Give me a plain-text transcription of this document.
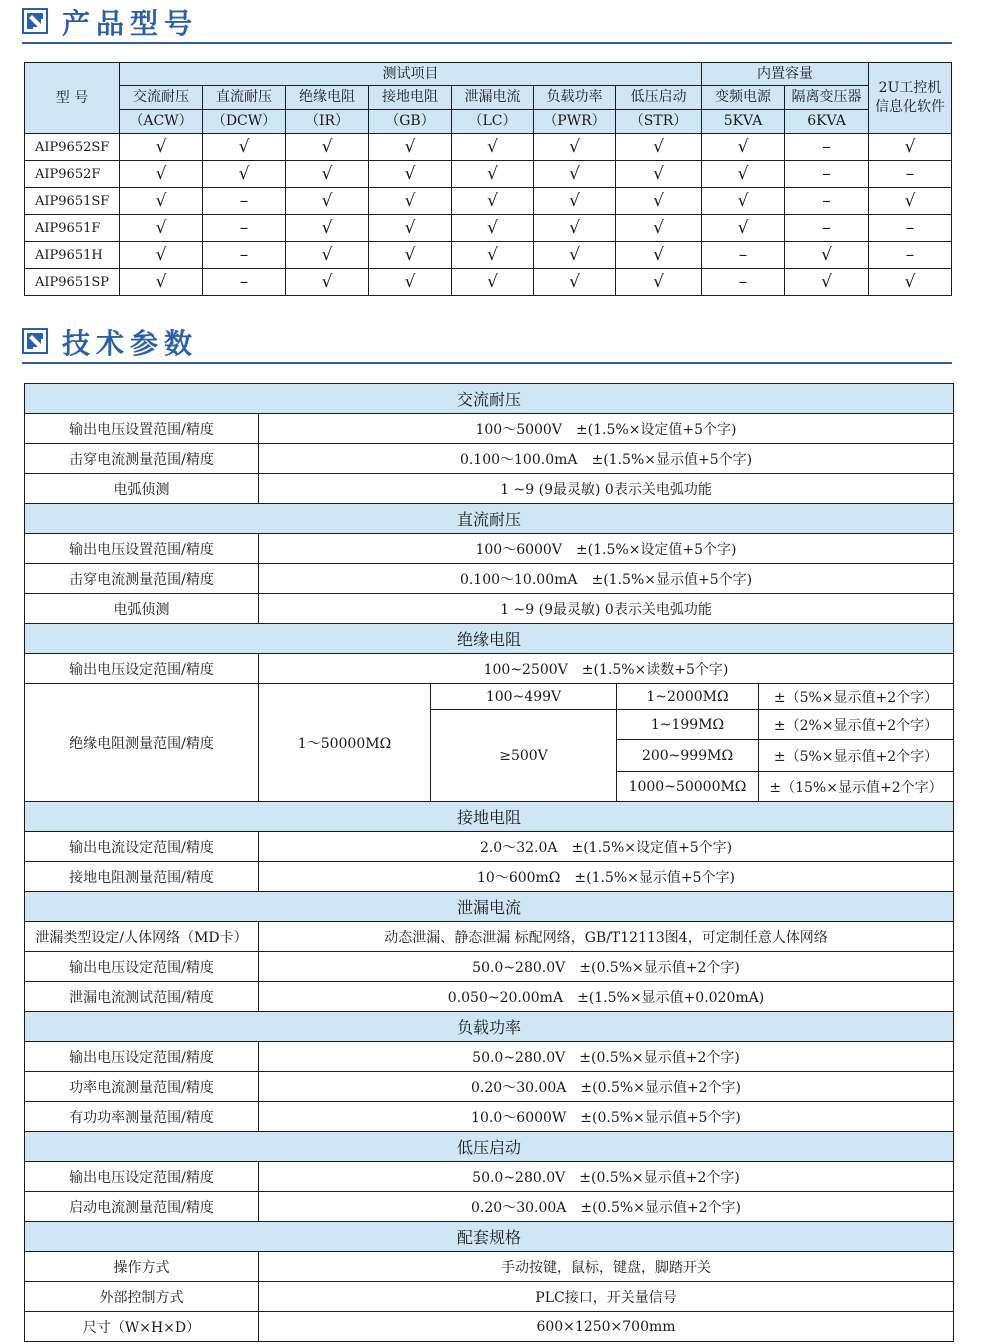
产品型号
型 号	测试项目							内置容量		2U工控机
信息化软件

	交流耐压	直流耐压	绝缘电阻	接地电阻	泄漏电流	负载功率	低压启动	变频电源	隔离变压器	
	（ACW）	（DCW）	（IR）	（GB）	（LC）	（PWR）	（STR）	5KVA	6KVA	
AIP9652SF	√	√	√	√	√	√	√	√	–	√
AIP9652F	√	√	√	√	√	√	√	√	–	–
AIP9651SF	√	–	√	√	√	√	√	√	–	√
AIP9651F	√	–	√	√	√	√	√	√	–	–
AIP9651H	√	–	√	√	√	√	√	–	√	–
AIP9651SP	√	–	√	√	√	√	√	–	√	√
技术参数
交流耐压				
输出电压设置范围/精度	100～5000V　±(1.5%×设定值+5个字)			
击穿电流测量范围/精度	0.100～100.0mA　±(1.5%×显示值+5个字)			
电弧侦测	1 ~9 (9最灵敏) 0表示关电弧功能			
直流耐压				
输出电压设置范围/精度	100～6000V　±(1.5%×设定值+5个字)			
击穿电流测量范围/精度	0.100～10.00mA　±(1.5%×显示值+5个字)			
电弧侦测	1 ~9 (9最灵敏) 0表示关电弧功能			
绝缘电阻				
输出电压设定范围/精度	100~2500V　±(1.5%×读数+5个字)			
绝缘电阻测量范围/精度	1～50000MΩ	100~499V	1~2000MΩ	±（5%×显示值+2个字）
		≥500V	1~199MΩ	±（2%×显示值+2个字）
			200~999MΩ	±（5%×显示值+2个字）
			1000~50000MΩ	±（15%×显示值+2个字）
接地电阻				
输出电流设定范围/精度	2.0～32.0A　±(1.5%×设定值+5个字)			
接地电阻测量范围/精度	10～600mΩ　±(1.5%×显示值+5个字)			
泄漏电流				
泄漏类型设定/人体网络（MD卡）	动态泄漏、静态泄漏 标配网络，GB/T12113图4，可定制任意人体网络			
输出电压设定范围/精度	50.0~280.0V　±(0.5%×显示值+2个字)			
泄漏电流测试范围/精度	0.050~20.00mA　±(1.5%×显示值+0.020mA)			
负载功率				
输出电压设定范围/精度	50.0~280.0V　±(0.5%×显示值+2个字)			
功率电流测量范围/精度	0.20～30.00A　±(0.5%×显示值+2个字)			
有功功率测量范围/精度	10.0～6000W　±(0.5%×显示值+5个字)			
低压启动				
输出电压设定范围/精度	50.0~280.0V　±(0.5%×显示值+2个字)			
启动电流测量范围/精度	0.20～30.00A　±(0.5%×显示值+2个字)			
配套规格				
操作方式	手动按键，鼠标，键盘，脚踏开关			
外部控制方式	PLC接口，开关量信号			
尺寸（W×H×D）	600×1250×700mm			
